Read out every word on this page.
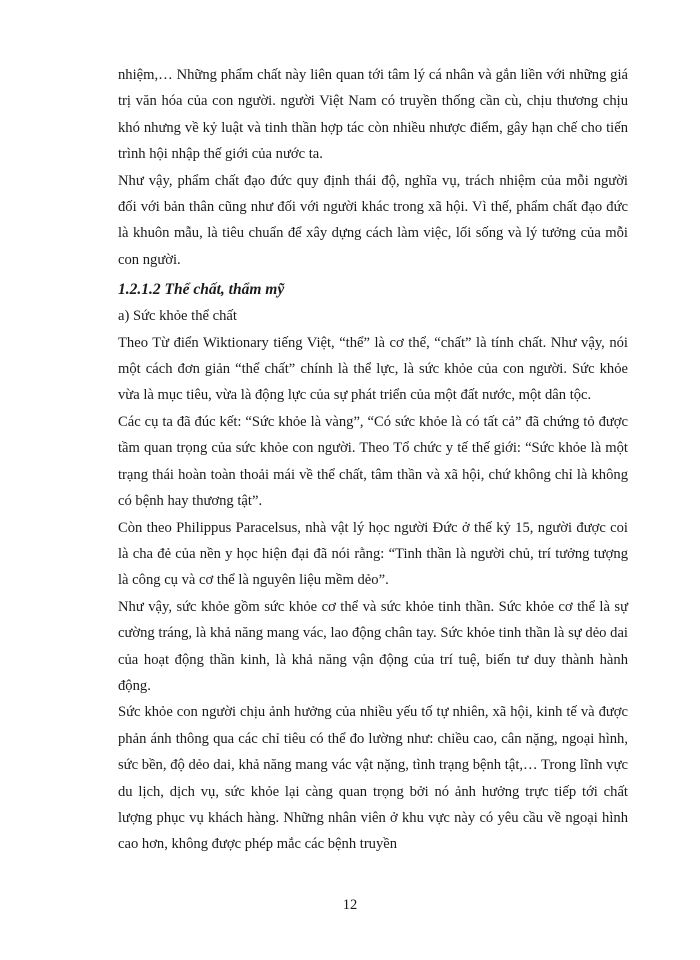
nhiệm,… Những phẩm chất này liên quan tới tâm lý cá nhân và gắn liền với những giá trị văn hóa của con người. người Việt Nam có truyền thống cần cù, chịu thương chịu khó nhưng về kỷ luật và tinh thần hợp tác còn nhiều nhược điểm, gây hạn chế cho tiến trình hội nhập thế giới của nước ta.

Như vậy, phẩm chất đạo đức quy định thái độ, nghĩa vụ, trách nhiệm của mỗi người đối với bản thân cũng như đối với người khác trong xã hội. Vì thế, phẩm chất đạo đức là khuôn mẫu, là tiêu chuẩn để xây dựng cách làm việc, lối sống và lý tưởng của mỗi con người.

1.2.1.2 Thể chất, thẩm mỹ

a) Sức khỏe thể chất

Theo Từ điển Wiktionary tiếng Việt, “thể” là cơ thể, “chất” là tính chất. Như vậy, nói một cách đơn giản “thể chất” chính là thể lực, là sức khỏe của con người. Sức khỏe vừa là mục tiêu, vừa là động lực của sự phát triển của một đất nước, một dân tộc.

Các cụ ta đã đúc kết: “Sức khỏe là vàng”, “Có sức khỏe là có tất cả” đã chứng tỏ được tầm quan trọng của sức khỏe con người. Theo Tổ chức y tế thế giới: “Sức khỏe là một trạng thái hoàn toàn thoải mái về thể chất, tâm thần và xã hội, chứ không chỉ là không có bệnh hay thương tật”.

Còn theo Philippus Paracelsus, nhà vật lý học người Đức ở thế kỷ 15, người được coi là cha đẻ của nền y học hiện đại đã nói rằng: “Tinh thần là người chủ, trí tưởng tượng là công cụ và cơ thể là nguyên liệu mềm dẻo”.

Như vậy, sức khỏe gồm sức khỏe cơ thể và sức khỏe tinh thần. Sức khỏe cơ thể là sự cường tráng, là khả năng mang vác, lao động chân tay. Sức khỏe tinh thần là sự dẻo dai của hoạt động thần kinh, là khả năng vận động của trí tuệ, biến tư duy thành hành động.

Sức khỏe con người chịu ảnh hưởng của nhiều yếu tố tự nhiên, xã hội, kinh tế và được phản ánh thông qua các chỉ tiêu có thể đo lường như: chiều cao, cân nặng, ngoại hình, sức bền, độ dẻo dai, khả năng mang vác vật nặng, tình trạng bệnh tật,… Trong lĩnh vực du lịch, dịch vụ, sức khỏe lại càng quan trọng bởi nó ảnh hưởng trực tiếp tới chất lượng phục vụ khách hàng. Những nhân viên ở khu vực này có yêu cầu về ngoại hình cao hơn, không được phép mắc các bệnh truyền

12
